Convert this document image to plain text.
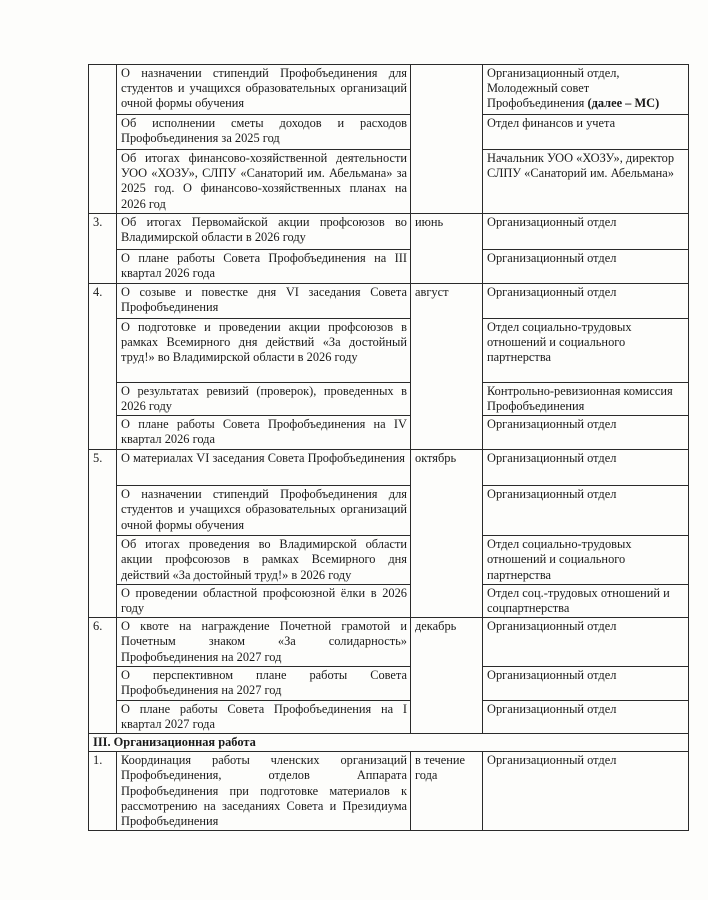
	О назначении стипендий Профобъединения для студентов и учащихся образовательных организаций очной формы обучения		Организационный отдел, Молодежный совет Профобъединения (далее – МС)
	Об исполнении сметы доходов и расходов Профобъединения за 2025 год		Отдел финансов и учета
	Об итогах финансово-хозяйственной деятельности УОО «ХОЗУ», СЛПУ «Санаторий им. Абельмана» за 2025 год. О финансово-хозяйственных планах на 2026 год		Начальник УОО «ХОЗУ», директор СЛПУ «Санаторий им. Абельмана»
3.	Об итогах Первомайской акции профсоюзов во Владимирской области в 2026 году	июнь	Организационный отдел
	О плане работы Совета Профобъединения на III квартал 2026 года		Организационный отдел
4.	О созыве и повестке дня VI заседания Совета Профобъединения	август	Организационный отдел
	О подготовке и проведении акции профсоюзов в рамках Всемирного дня действий «За достойный труд!» во Владимирской области в 2026 году		Отдел социально-трудовых отношений и социального партнерства
	О результатах ревизий (проверок), проведенных в 2026 году		Контрольно-ревизионная комиссия Профобъединения
	О плане работы Совета Профобъединения на IV квартал 2026 года		Организационный отдел
5.	О материалах VI заседания Совета Профобъединения	октябрь	Организационный отдел
	О назначении стипендий Профобъединения для студентов и учащихся образовательных организаций очной формы обучения		Организационный отдел
	Об итогах проведения во Владимирской области акции профсоюзов в рамках Всемирного дня действий «За достойный труд!» в 2026 году		Отдел социально-трудовых отношений и социального партнерства
	О проведении областной профсоюзной ёлки в 2026 году		Отдел соц.-трудовых отношений и соцпартнерства
6.	О квоте на награждение Почетной грамотой и Почетным знаком «За солидарность» Профобъединения на 2027 год	декабрь	Организационный отдел
	О перспективном плане работы Совета Профобъединения на 2027 год		Организационный отдел
	О плане работы Совета Профобъединения на I квартал 2027 года		Организационный отдел
III. Организационная работа			
1.	Координация работы членских организаций Профобъединения, отделов Аппарата Профобъединения при подготовке материалов к рассмотрению на заседаниях Совета и Президиума Профобъединения	в течение года	Организационный отдел
